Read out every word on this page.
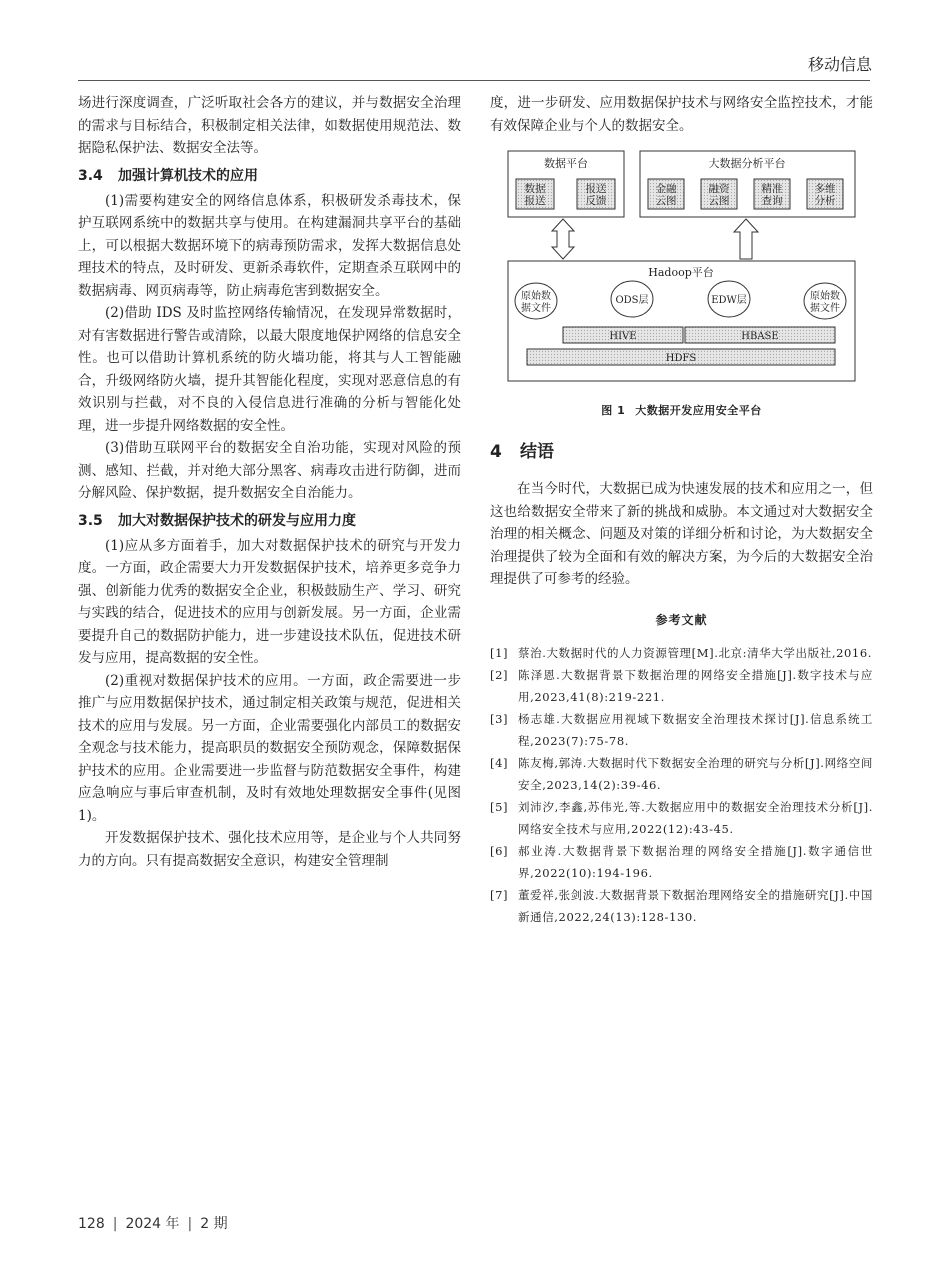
移动信息

场进行深度调查，广泛听取社会各方的建议，并与数据安全治理的需求与目标结合，积极制定相关法律，如数据使用规范法、数据隐私保护法、数据安全法等。

3.4 加强计算机技术的应用

(1)需要构建安全的网络信息体系，积极研发杀毒技术，保护互联网系统中的数据共享与使用。在构建漏洞共享平台的基础上，可以根据大数据环境下的病毒预防需求，发挥大数据信息处理技术的特点，及时研发、更新杀毒软件，定期查杀互联网中的数据病毒、网页病毒等，防止病毒危害到数据安全。

(2)借助 IDS 及时监控网络传输情况，在发现异常数据时，对有害数据进行警告或清除，以最大限度地保护网络的信息安全性。也可以借助计算机系统的防火墙功能，将其与人工智能融合，升级网络防火墙，提升其智能化程度，实现对恶意信息的有效识别与拦截，对不良的入侵信息进行准确的分析与智能化处理，进一步提升网络数据的安全性。

(3)借助互联网平台的数据安全自治功能，实现对风险的预测、感知、拦截，并对绝大部分黑客、病毒攻击进行防御，进而分解风险、保护数据，提升数据安全自治能力。

3.5 加大对数据保护技术的研发与应用力度

(1)应从多方面着手，加大对数据保护技术的研究与开发力度。一方面，政企需要大力开发数据保护技术，培养更多竞争力强、创新能力优秀的数据安全企业，积极鼓励生产、学习、研究与实践的结合，促进技术的应用与创新发展。另一方面，企业需要提升自己的数据防护能力，进一步建设技术队伍，促进技术研发与应用，提高数据的安全性。

(2)重视对数据保护技术的应用。一方面，政企需要进一步推广与应用数据保护技术，通过制定相关政策与规范，促进相关技术的应用与发展。另一方面，企业需要强化内部员工的数据安全观念与技术能力，提高职员的数据安全预防观念，保障数据保护技术的应用。企业需要进一步监督与防范数据安全事件，构建应急响应与事后审查机制，及时有效地处理数据安全事件(见图 1)。

开发数据保护技术、强化技术应用等，是企业与个人共同努力的方向。只有提高数据安全意识，构建安全管理制

度，进一步研发、应用数据保护技术与网络安全监控技术，才能有效保障企业与个人的数据安全。

数据平台
数据
报送
报送
反馈
大数据分析平台
金融
云图
融资
云图
精准
查询
多维
分析
Hadoop平台
原始数
据文件
ODS层	EDW层	原始数
据文件
HIVE	HBASE
HDFS
图 1 大数据开发应用安全平台
4 结语

在当今时代，大数据已成为快速发展的技术和应用之一，但这也给数据安全带来了新的挑战和威胁。本文通过对大数据安全治理的相关概念、问题及对策的详细分析和讨论，为大数据安全治理提供了较为全面和有效的解决方案，为今后的大数据安全治理提供了可参考的经验。

参考文献
[1] 蔡治.大数据时代的人力资源管理[M].北京:清华大学出版社,2016.
[2] 陈泽恩.大数据背景下数据治理的网络安全措施[J].数字技术与应用,2023,41(8):219-221.
[3] 杨志雄.大数据应用视域下数据安全治理技术探讨[J].信息系统工程,2023(7):75-78.
[4] 陈友梅,郭涛.大数据时代下数据安全治理的研究与分析[J].网络空间安全,2023,14(2):39-46.
[5] 刘沛汐,李鑫,苏伟光,等.大数据应用中的数据安全治理技术分析[J].网络安全技术与应用,2022(12):43-45.
[6] 郝业涛.大数据背景下数据治理的网络安全措施[J].数字通信世界,2022(10):194-196.
[7] 董爱祥,张剑波.大数据背景下数据治理网络安全的措施研究[J].中国新通信,2022,24(13):128-130.
128 | 2024 年 | 2 期
